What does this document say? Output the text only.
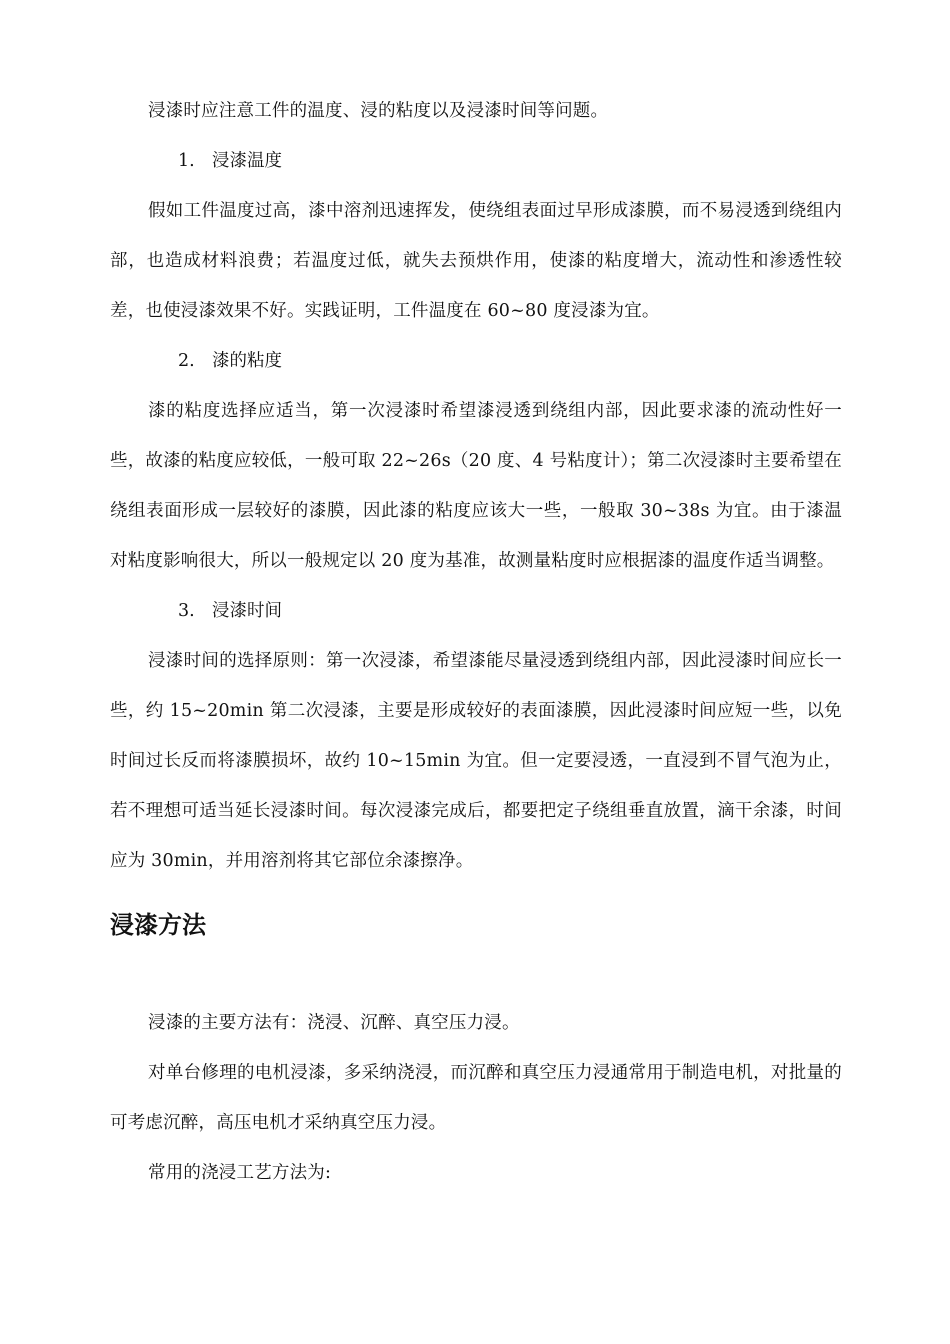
浸漆时应注意工件的温度、浸的粘度以及浸漆时间等问题。

1. 浸漆温度

假如工件温度过高，漆中溶剂迅速挥发，使绕组表面过早形成漆膜，而不易浸透到绕组内部，也造成材料浪费；若温度过低，就失去预烘作用，使漆的粘度增大，流动性和渗透性较差，也使浸漆效果不好。实践证明，工件温度在 60~80 度浸漆为宜。

2. 漆的粘度

漆的粘度选择应适当，第一次浸漆时希望漆浸透到绕组内部，因此要求漆的流动性好一些，故漆的粘度应较低，一般可取 22~26s（20 度、4 号粘度计）；第二次浸漆时主要希望在绕组表面形成一层较好的漆膜，因此漆的粘度应该大一些，一般取 30~38s 为宜。由于漆温对粘度影响很大，所以一般规定以 20 度为基准，故测量粘度时应根据漆的温度作适当调整。

3. 浸漆时间

浸漆时间的选择原则：第一次浸漆，希望漆能尽量浸透到绕组内部，因此浸漆时间应长一些，约 15~20min 第二次浸漆，主要是形成较好的表面漆膜，因此浸漆时间应短一些，以免时间过长反而将漆膜损坏，故约 10~15min 为宜。但一定要浸透，一直浸到不冒气泡为止，若不理想可适当延长浸漆时间。每次浸漆完成后，都要把定子绕组垂直放置，滴干余漆，时间应为 30min，并用溶剂将其它部位余漆擦净。

浸漆方法

浸漆的主要方法有：浇浸、沉醉、真空压力浸。

对单台修理的电机浸漆，多采纳浇浸，而沉醉和真空压力浸通常用于制造电机，对批量的可考虑沉醉，高压电机才采纳真空压力浸。

常用的浇浸工艺方法为:
